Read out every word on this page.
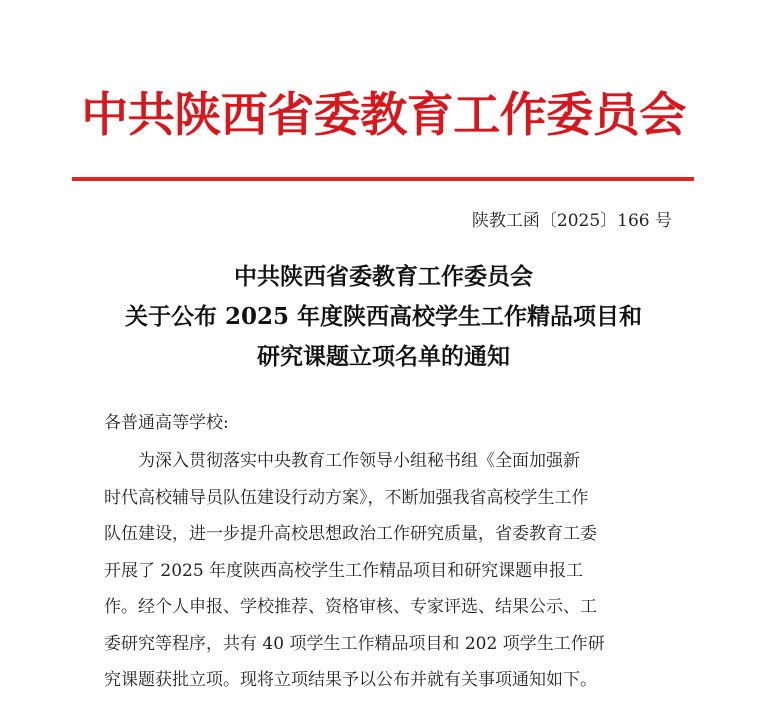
中共陕西省委教育工作委员会
陕教工函〔2025〕166 号
中共陕西省委教育工作委员会
关于公布 2025 年度陕西高校学生工作精品项目和
研究课题立项名单的通知
各普通高等学校:
为深入贯彻落实中央教育工作领导小组秘书组《全面加强新
时代高校辅导员队伍建设行动方案》，不断加强我省高校学生工作
队伍建设，进一步提升高校思想政治工作研究质量，省委教育工委
开展了 2025 年度陕西高校学生工作精品项目和研究课题申报工
作。经个人申报、学校推荐、资格审核、专家评选、结果公示、工
委研究等程序，共有 40 项学生工作精品项目和 202 项学生工作研
究课题获批立项。现将立项结果予以公布并就有关事项通知如下。
